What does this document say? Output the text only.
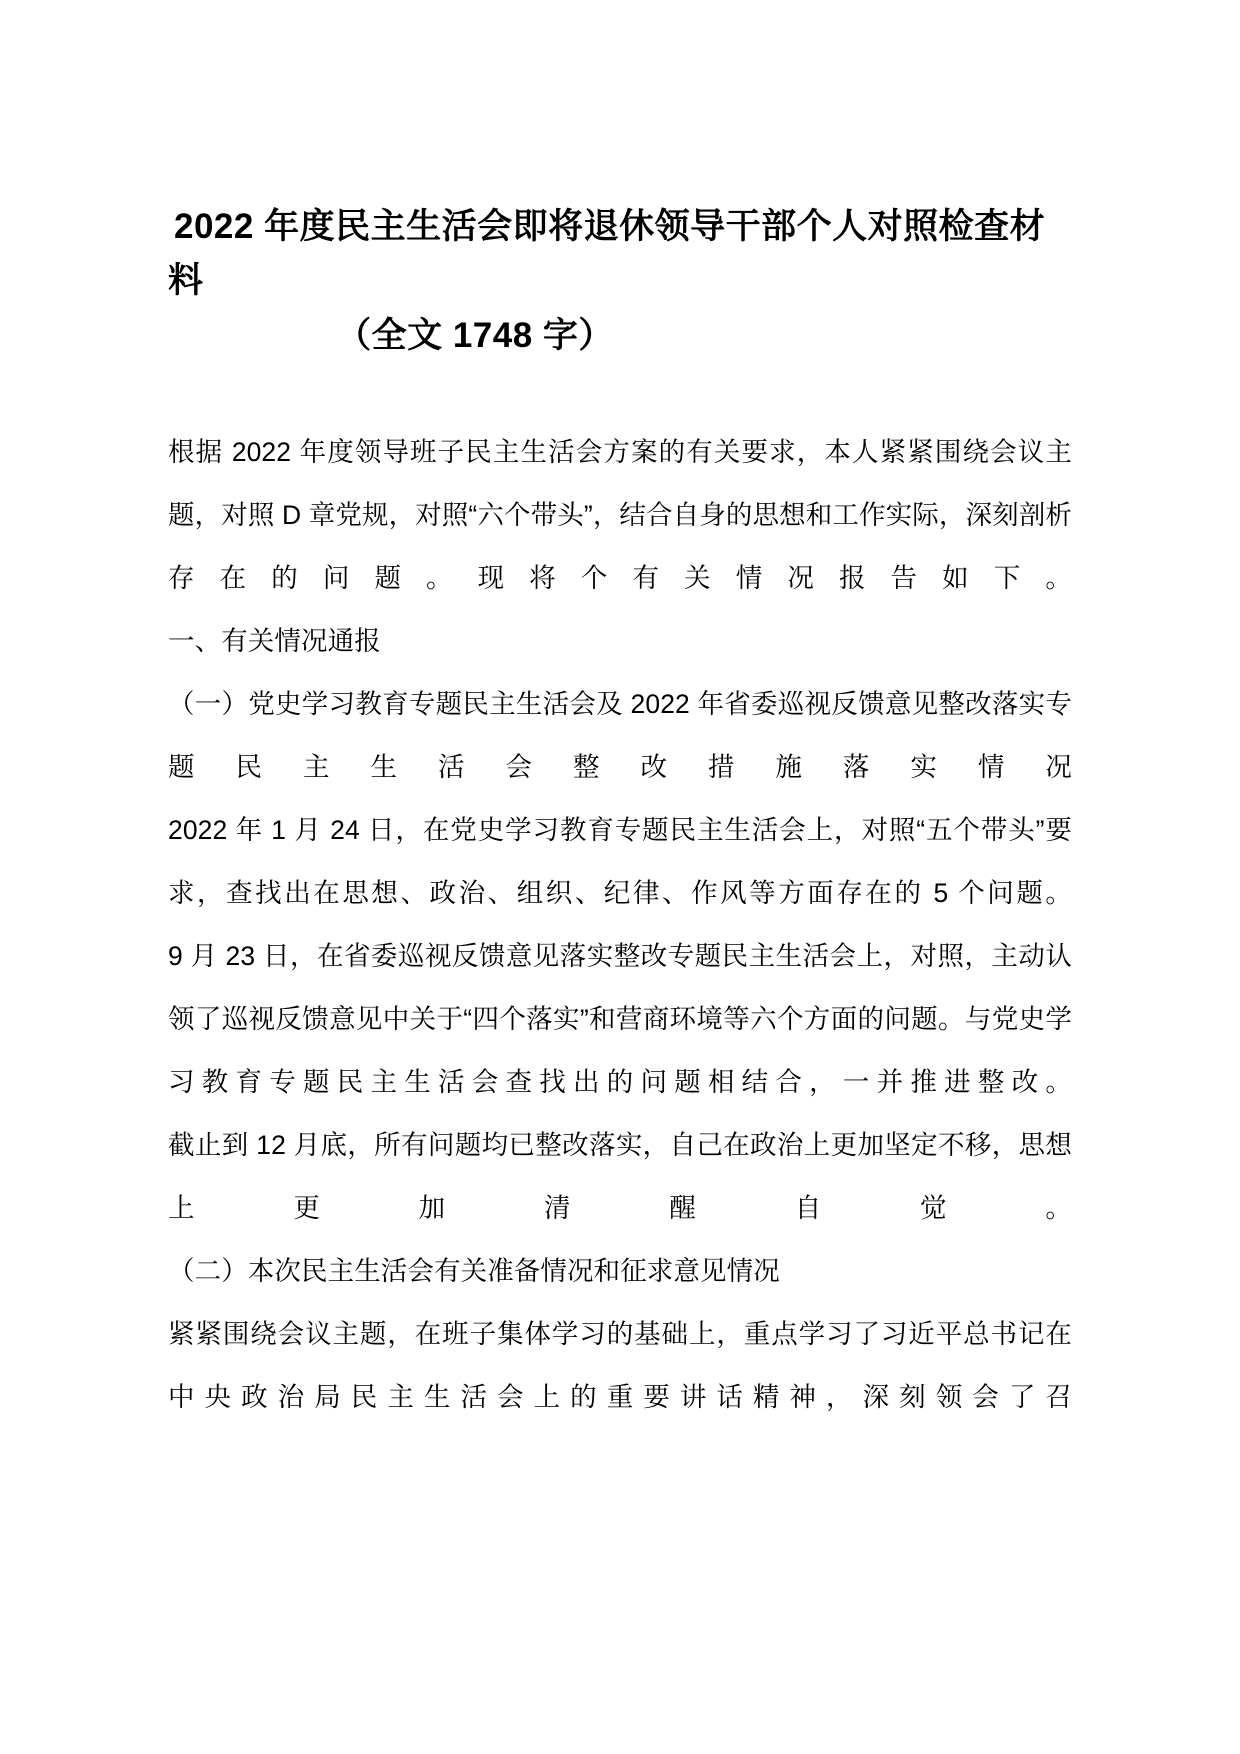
2022 年度民主生活会即将退休领导干部个人对照检查材料
（全文 1748 字）

根据 2022 年度领导班子民主生活会方案的有关要求，本人紧紧围绕会议主题，对照 D 章党规，对照“六个带头”，结合自身的思想和工作实际，深刻剖析存在的问题。现将个有关情况报告如下。

一、有关情况通报

（一）党史学习教育专题民主生活会及 2022 年省委巡视反馈意见整改落实专题民主生活会整改措施落实情况

2022 年 1 月 24 日，在党史学习教育专题民主生活会上，对照“五个带头”要求，查找出在思想、政治、组织、纪律、作风等方面存在的 5 个问题。

9 月 23 日，在省委巡视反馈意见落实整改专题民主生活会上，对照，主动认领了巡视反馈意见中关于“四个落实”和营商环境等六个方面的问题。与党史学习教育专题民主生活会查找出的问题相结合，一并推进整改。

截止到 12 月底，所有问题均已整改落实，自己在政治上更加坚定不移，思想上更加清醒自觉。

（二）本次民主生活会有关准备情况和征求意见情况

紧紧围绕会议主题，在班子集体学习的基础上，重点学习了习近平总书记在中央政治局民主生活会上的重要讲话精神，深刻领会了召
